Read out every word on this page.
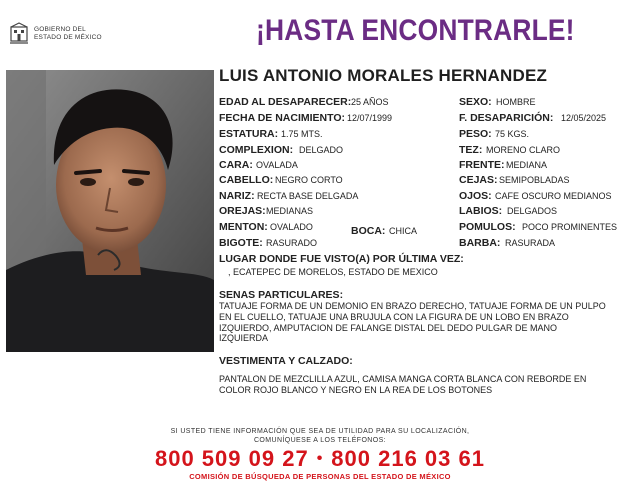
GOBIERNO DEL
ESTADO DE MÉXICO	¡HASTA ENCONTRARLE!
LUIS ANTONIO MORALES HERNANDEZ
EDAD AL DESAPARECER: 25 AÑOS
FECHA DE NACIMIENTO: 12/07/1999
ESTATURA: 1.75 MTS.
COMPLEXION: DELGADO
CARA: OVALADA
CABELLO: NEGRO CORTO
NARIZ: RECTA BASE DELGADA
OREJAS: MEDIANAS
MENTON: OVALADO	BOCA: CHICA
BIGOTE: RASURADO
SEXO: HOMBRE
F. DESAPARICIÓN: 12/05/2025
PESO: 75 KGS.
TEZ: MORENO CLARO
FRENTE: MEDIANA
CEJAS: SEMIPOBLADAS
OJOS: CAFE OSCURO MEDIANOS
LABIOS: DELGADOS
POMULOS: POCO PROMINENTES
BARBA: RASURADA
LUGAR DONDE FUE VISTO(A) POR ÚLTIMA VEZ:
, ECATEPEC DE MORELOS, ESTADO DE MEXICO
SENAS PARTICULARES:
TATUAJE FORMA DE UN DEMONIO EN BRAZO DERECHO, TATUAJE FORMA DE UN PULPO
EN EL CUELLO, TATUAJE UNA BRUJULA CON LA FIGURA DE UN LOBO EN BRAZO
IZQUIERDO, AMPUTACION DE FALANGE DISTAL DEL DEDO PULGAR DE MANO
IZQUIERDA
VESTIMENTA Y CALZADO:
PANTALON DE MEZCLILLA AZUL, CAMISA MANGA CORTA BLANCA CON REBORDE EN
COLOR ROJO BLANCO Y NEGRO EN LA REA DE LOS BOTONES
SI USTED TIENE INFORMACIÓN QUE SEA DE UTILIDAD PARA SU LOCALIZACIÓN,
COMUNÍQUESE A LOS TELÉFONOS:
800 509 09 27 • 800 216 03 61
COMISIÓN DE BÚSQUEDA DE PERSONAS DEL ESTADO DE MÉXICO
